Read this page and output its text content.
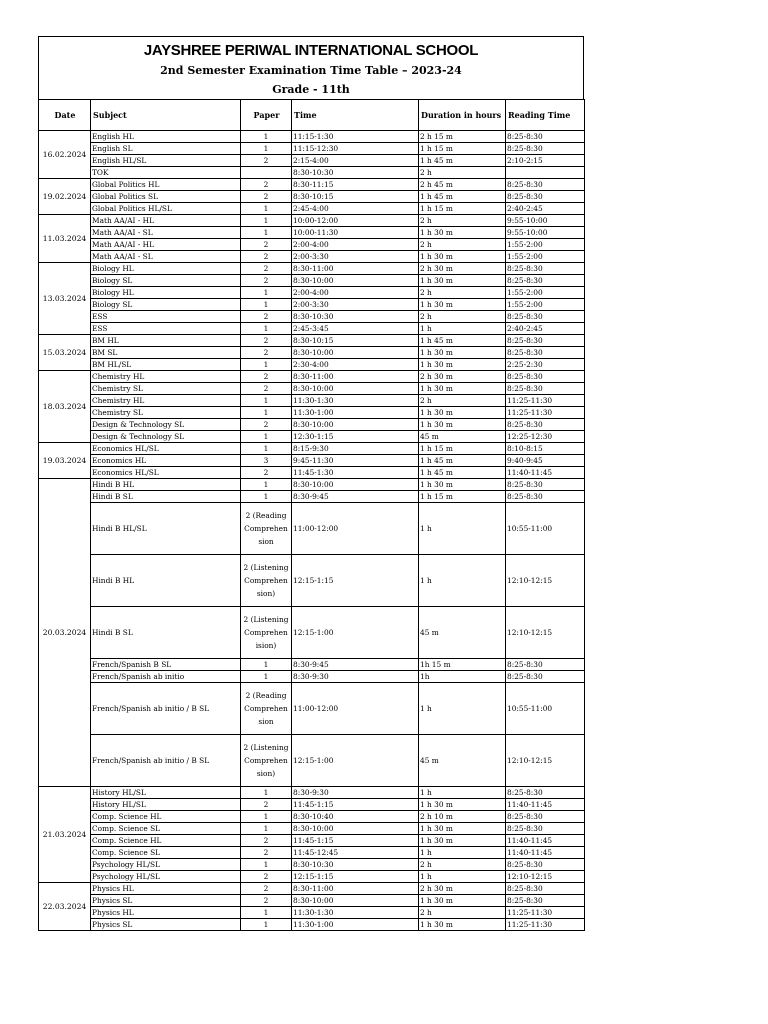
JAYSHREE PERIWAL INTERNATIONAL SCHOOL
2nd Semester Examination Time Table – 2023-24
Grade - 11th
Date	Subject	Paper	Time	Duration in hours	Reading Time
16.02.2024	English HL	1	11:15-1:30	2 h 15 m	8:25-8:30
	English SL	1	11:15-12:30	1 h 15 m	8:25-8:30
	English HL/SL	2	2:15-4:00	1 h 45 m	2:10-2:15
	TOK		8:30-10:30	2 h	
19.02.2024	Global Politics HL	2	8:30-11:15	2 h 45 m	8:25-8:30
	Global Politics SL	2	8:30-10:15	1 h 45 m	8:25-8:30
	Global Politics HL/SL	1	2:45-4:00	1 h 15 m	2:40-2:45
11.03.2024	Math AA/AI - HL	1	10:00-12:00	2 h	9:55-10:00
	Math AA/AI - SL	1	10:00-11:30	1 h 30 m	9:55-10:00
	Math AA/AI - HL	2	2:00-4:00	2 h	1:55-2:00
	Math AA/AI - SL	2	2:00-3:30	1 h 30 m	1:55-2:00
13.03.2024	Biology HL	2	8:30-11:00	2 h 30 m	8:25-8:30
	Biology SL	2	8:30-10:00	1 h 30 m	8:25-8:30
	Biology HL	1	2:00-4:00	2 h	1:55-2:00
	Biology SL	1	2:00-3:30	1 h 30 m	1:55-2:00
	ESS	2	8:30-10:30	2 h	8:25-8:30
	ESS	1	2:45-3:45	1 h	2:40-2:45
15.03.2024	BM HL	2	8:30-10:15	1 h 45 m	8:25-8:30
	BM SL	2	8:30-10:00	1 h 30 m	8:25-8:30
	BM HL/SL	1	2:30-4:00	1 h 30 m	2:25-2:30
18.03.2024	Chemistry HL	2	8:30-11:00	2 h 30 m	8:25-8:30
	Chemistry SL	2	8:30-10:00	1 h 30 m	8:25-8:30
	Chemistry HL	1	11:30-1:30	2 h	11:25-11:30
	Chemistry SL	1	11:30-1:00	1 h 30 m	11:25-11:30
	Design & Technology SL	2	8:30-10:00	1 h 30 m	8:25-8:30
	Design & Technology SL	1	12:30-1:15	45 m	12:25-12:30
19.03.2024	Economics HL/SL	1	8:15-9:30	1 h 15 m	8:10-8:15
	Economics HL	3	9:45-11:30	1 h 45 m	9:40-9:45
	Economics HL/SL	2	11:45-1:30	1 h 45 m	11:40-11:45
20.03.2024	Hindi B HL	1	8:30-10:00	1 h 30 m	8:25-8:30
	Hindi B SL	1	8:30-9:45	1 h 15 m	8:25-8:30
	Hindi B HL/SL	2 (Reading Comprehen sion	11:00-12:00	1 h	10:55-11:00
	Hindi B HL	2 (Listening Comprehen sion)	12:15-1:15	1 h	12:10-12:15
	Hindi B SL	2 (Listening Comprehen ision)	12:15-1:00	45 m	12:10-12:15
	French/Spanish B SL	1	8:30-9:45	1h 15 m	8:25-8:30
	French/Spanish ab initio	1	8:30-9:30	1h	8:25-8:30
	French/Spanish ab initio / B SL	2 (Reading Comprehen sion	11:00-12:00	1 h	10:55-11:00
	French/Spanish ab initio / B SL	2 (Listening Comprehen sion)	12:15-1:00	45 m	12:10-12:15
21.03.2024	History HL/SL	1	8:30-9:30	1 h	8:25-8:30
	History HL/SL	2	11:45-1:15	1 h 30 m	11:40-11:45
	Comp. Science HL	1	8:30-10:40	2 h 10 m	8:25-8:30
	Comp. Science SL	1	8:30-10:00	1 h 30 m	8:25-8:30
	Comp. Science HL	2	11:45-1:15	1 h 30 m	11:40-11:45
	Comp. Science SL	2	11:45-12:45	1 h	11:40-11:45
	Psychology HL/SL	1	8:30-10:30	2 h	8:25-8:30
	Psychology HL/SL	2	12:15-1:15	1 h	12:10-12:15
22.03.2024	Physics HL	2	8:30-11:00	2 h 30 m	8:25-8:30
	Physics SL	2	8:30-10:00	1 h 30 m	8:25-8:30
	Physics HL	1	11:30-1:30	2 h	11:25-11:30
	Physics SL	1	11:30-1:00	1 h 30 m	11:25-11:30
